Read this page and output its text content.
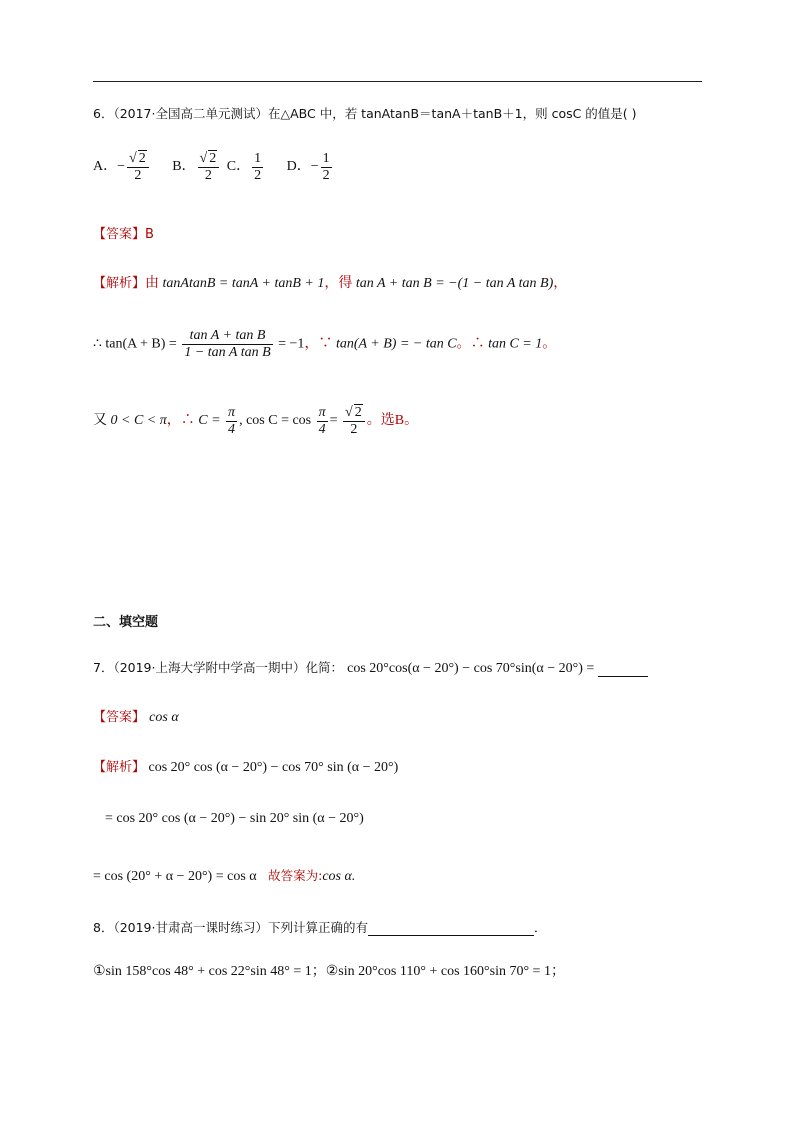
6．（2017·全国高二单元测试）在△ABC 中，若 tanAtanB＝tanA＋tanB＋1，则 cosC 的值是( )
A．− $\frac{√ 2}{2}$ B． $\frac{√ 2}{2}$ C． $\frac{1}{2}$ D．− $\frac{1}{2}$
【答案】B
【解析】由 tanAtanB = tanA + tanB + 1，得 tan A + tan B = −(1 − tan A tan B)，
∴ $\tan(A + B) = \frac{\text{tan A + tan B}}{\text{1 − tan A tan B}} = -1$，∵ tan(A + B) = − tan C。∴ tan C = 1。
又 0 < C < π，∴ $C = \frac{\pi}{4}$ , $\cos C = \cos \frac{\pi}{4} = \frac{√ 2}{2}$ 。选B。
二、填空题
7．（2019·上海大学附中学高一期中）化简： cos 20°cos(α − 20°) − cos 70°sin(α − 20°) =
【答案】 cos α
【解析】 cos 20° cos (α − 20°) − cos 70° sin (α − 20°)
= cos 20° cos (α − 20°) − sin 20° sin (α − 20°)
= cos (20° + α − 20°) = cos α 故答案为:cos α.
8．（2019·甘肃高一课时练习）下列计算正确的有	．
①sin 158°cos 48° + cos 22°sin 48° = 1；②sin 20°cos 110° + cos 160°sin 70° = 1；
